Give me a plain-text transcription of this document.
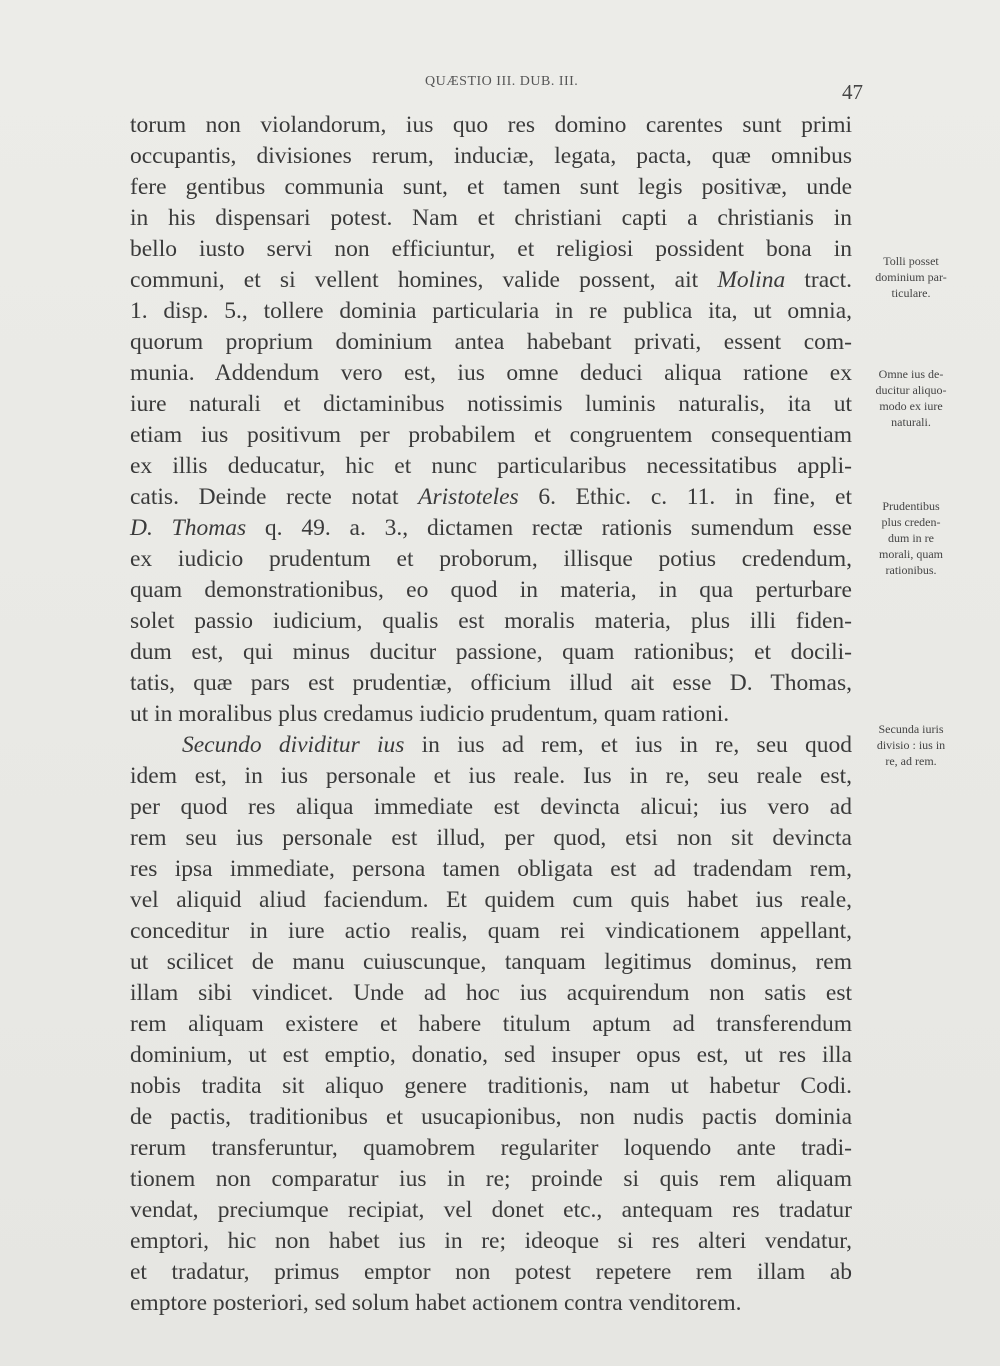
QUÆSTIO III. DUB. III.	47
torum non violandorum, ius quo res domino carentes sunt primi
occupantis, divisiones rerum, induciæ, legata, pacta, quæ omnibus
fere gentibus communia sunt, et tamen sunt legis positivæ, unde
in his dispensari potest. Nam et christiani capti a christianis in
bello iusto servi non efficiuntur, et religiosi possident bona in
communi, et si vellent homines, valide possent, ait Molina tract.
1. disp. 5., tollere dominia particularia in re publica ita, ut omnia,
quorum proprium dominium antea habebant privati, essent com-
munia. Addendum vero est, ius omne deduci aliqua ratione ex
iure naturali et dictaminibus notissimis luminis naturalis, ita ut
etiam ius positivum per probabilem et congruentem consequentiam
ex illis deducatur, hic et nunc particularibus necessitatibus appli-
catis. Deinde recte notat Aristoteles 6. Ethic. c. 11. in fine, et
D. Thomas q. 49. a. 3., dictamen rectæ rationis sumendum esse
ex iudicio prudentum et proborum, illisque potius credendum,
quam demonstrationibus, eo quod in materia, in qua perturbare
solet passio iudicium, qualis est moralis materia, plus illi fiden-
dum est, qui minus ducitur passione, quam rationibus; et docili-
tatis, quæ pars est prudentiæ, officium illud ait esse D. Thomas,
ut in moralibus plus credamus iudicio prudentum, quam rationi.
Secundo dividitur ius in ius ad rem, et ius in re, seu quod
idem est, in ius personale et ius reale. Ius in re, seu reale est,
per quod res aliqua immediate est devincta alicui; ius vero ad
rem seu ius personale est illud, per quod, etsi non sit devincta
res ipsa immediate, persona tamen obligata est ad tradendam rem,
vel aliquid aliud faciendum. Et quidem cum quis habet ius reale,
conceditur in iure actio realis, quam rei vindicationem appellant,
ut scilicet de manu cuiuscunque, tanquam legitimus dominus, rem
illam sibi vindicet. Unde ad hoc ius acquirendum non satis est
rem aliquam existere et habere titulum aptum ad transferendum
dominium, ut est emptio, donatio, sed insuper opus est, ut res illa
nobis tradita sit aliquo genere traditionis, nam ut habetur Codi.
de pactis, traditionibus et usucapionibus, non nudis pactis dominia
rerum transferuntur, quamobrem regulariter loquendo ante tradi-
tionem non comparatur ius in re; proinde si quis rem aliquam
vendat, preciumque recipiat, vel donet etc., antequam res tradatur
emptori, hic non habet ius in re; ideoque si res alteri vendatur,
et tradatur, primus emptor non potest repetere rem illam ab
emptore posteriori, sed solum habet actionem contra venditorem.
Tolli posset
dominium par-
ticulare.
Omne ius de-
ducitur aliquo-
modo ex iure
naturali.
Prudentibus
plus creden-
dum in re
morali, quam
rationibus.
Secunda iuris
divisio : ius in
re, ad rem.
